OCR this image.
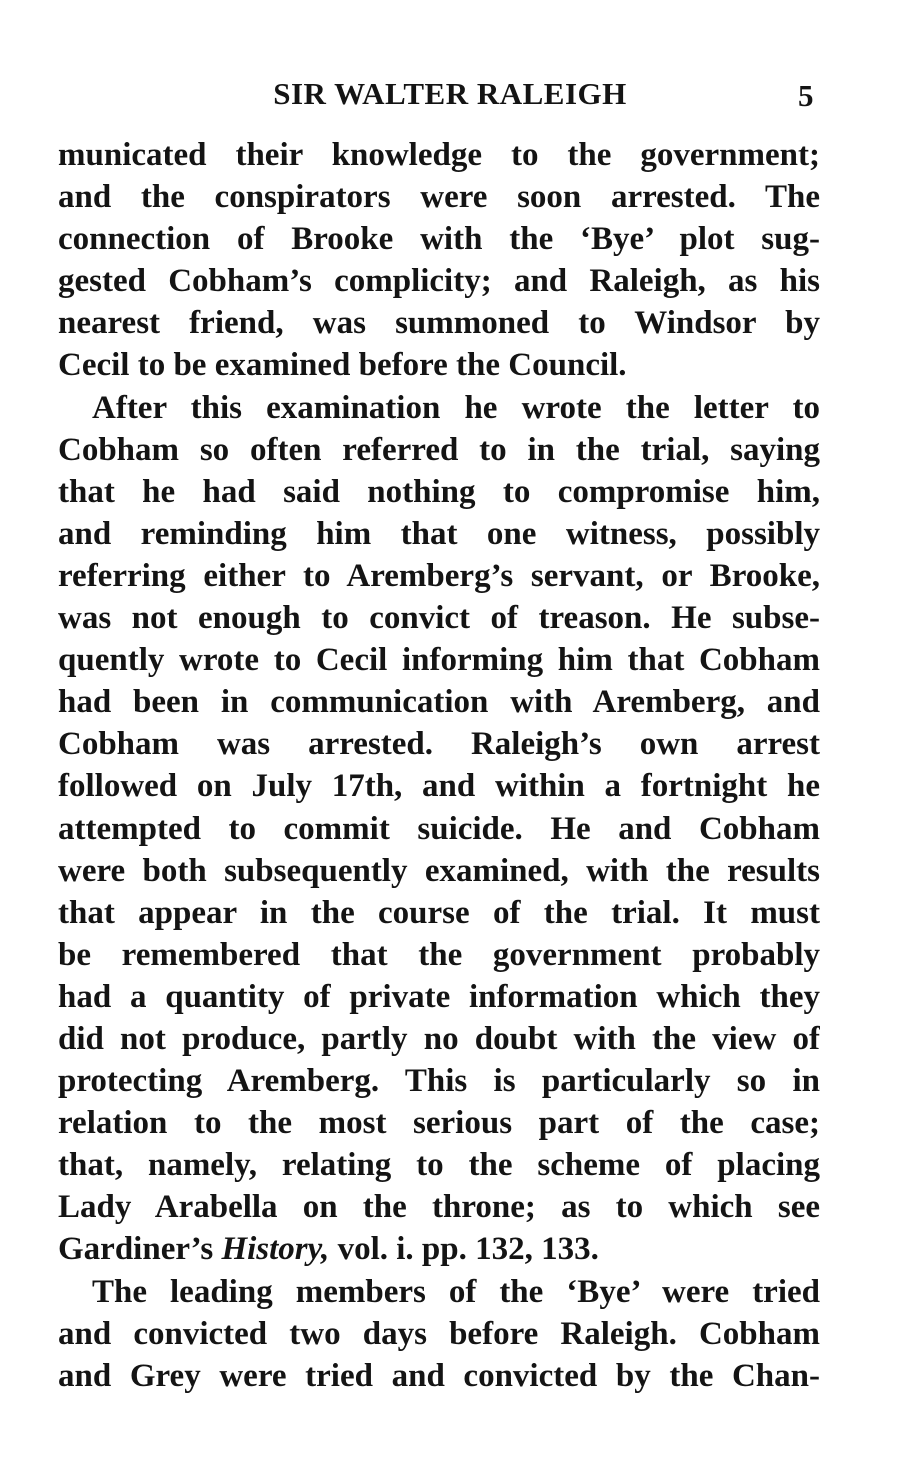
SIR WALTER RALEIGH	5
municated their knowledge to the government;
and the conspirators were soon arrested. The
connection of Brooke with the ‘Bye’ plot sug-
gested Cobham’s complicity; and Raleigh, as his
nearest friend, was summoned to Windsor by
Cecil to be examined before the Council.
After this examination he wrote the letter to
Cobham so often referred to in the trial, saying
that he had said nothing to compromise him,
and reminding him that one witness, possibly
referring either to Aremberg’s servant, or Brooke,
was not enough to convict of treason. He subse-
quently wrote to Cecil informing him that Cobham
had been in communication with Aremberg, and
Cobham was arrested. Raleigh’s own arrest
followed on July 17th, and within a fortnight he
attempted to commit suicide. He and Cobham
were both subsequently examined, with the results
that appear in the course of the trial. It must
be remembered that the government probably
had a quantity of private information which they
did not produce, partly no doubt with the view of
protecting Aremberg. This is particularly so in
relation to the most serious part of the case;
that, namely, relating to the scheme of placing
Lady Arabella on the throne; as to which see
Gardiner’s History, vol. i. pp. 132, 133.
The leading members of the ‘Bye’ were tried
and convicted two days before Raleigh. Cobham
and Grey were tried and convicted by the Chan-
